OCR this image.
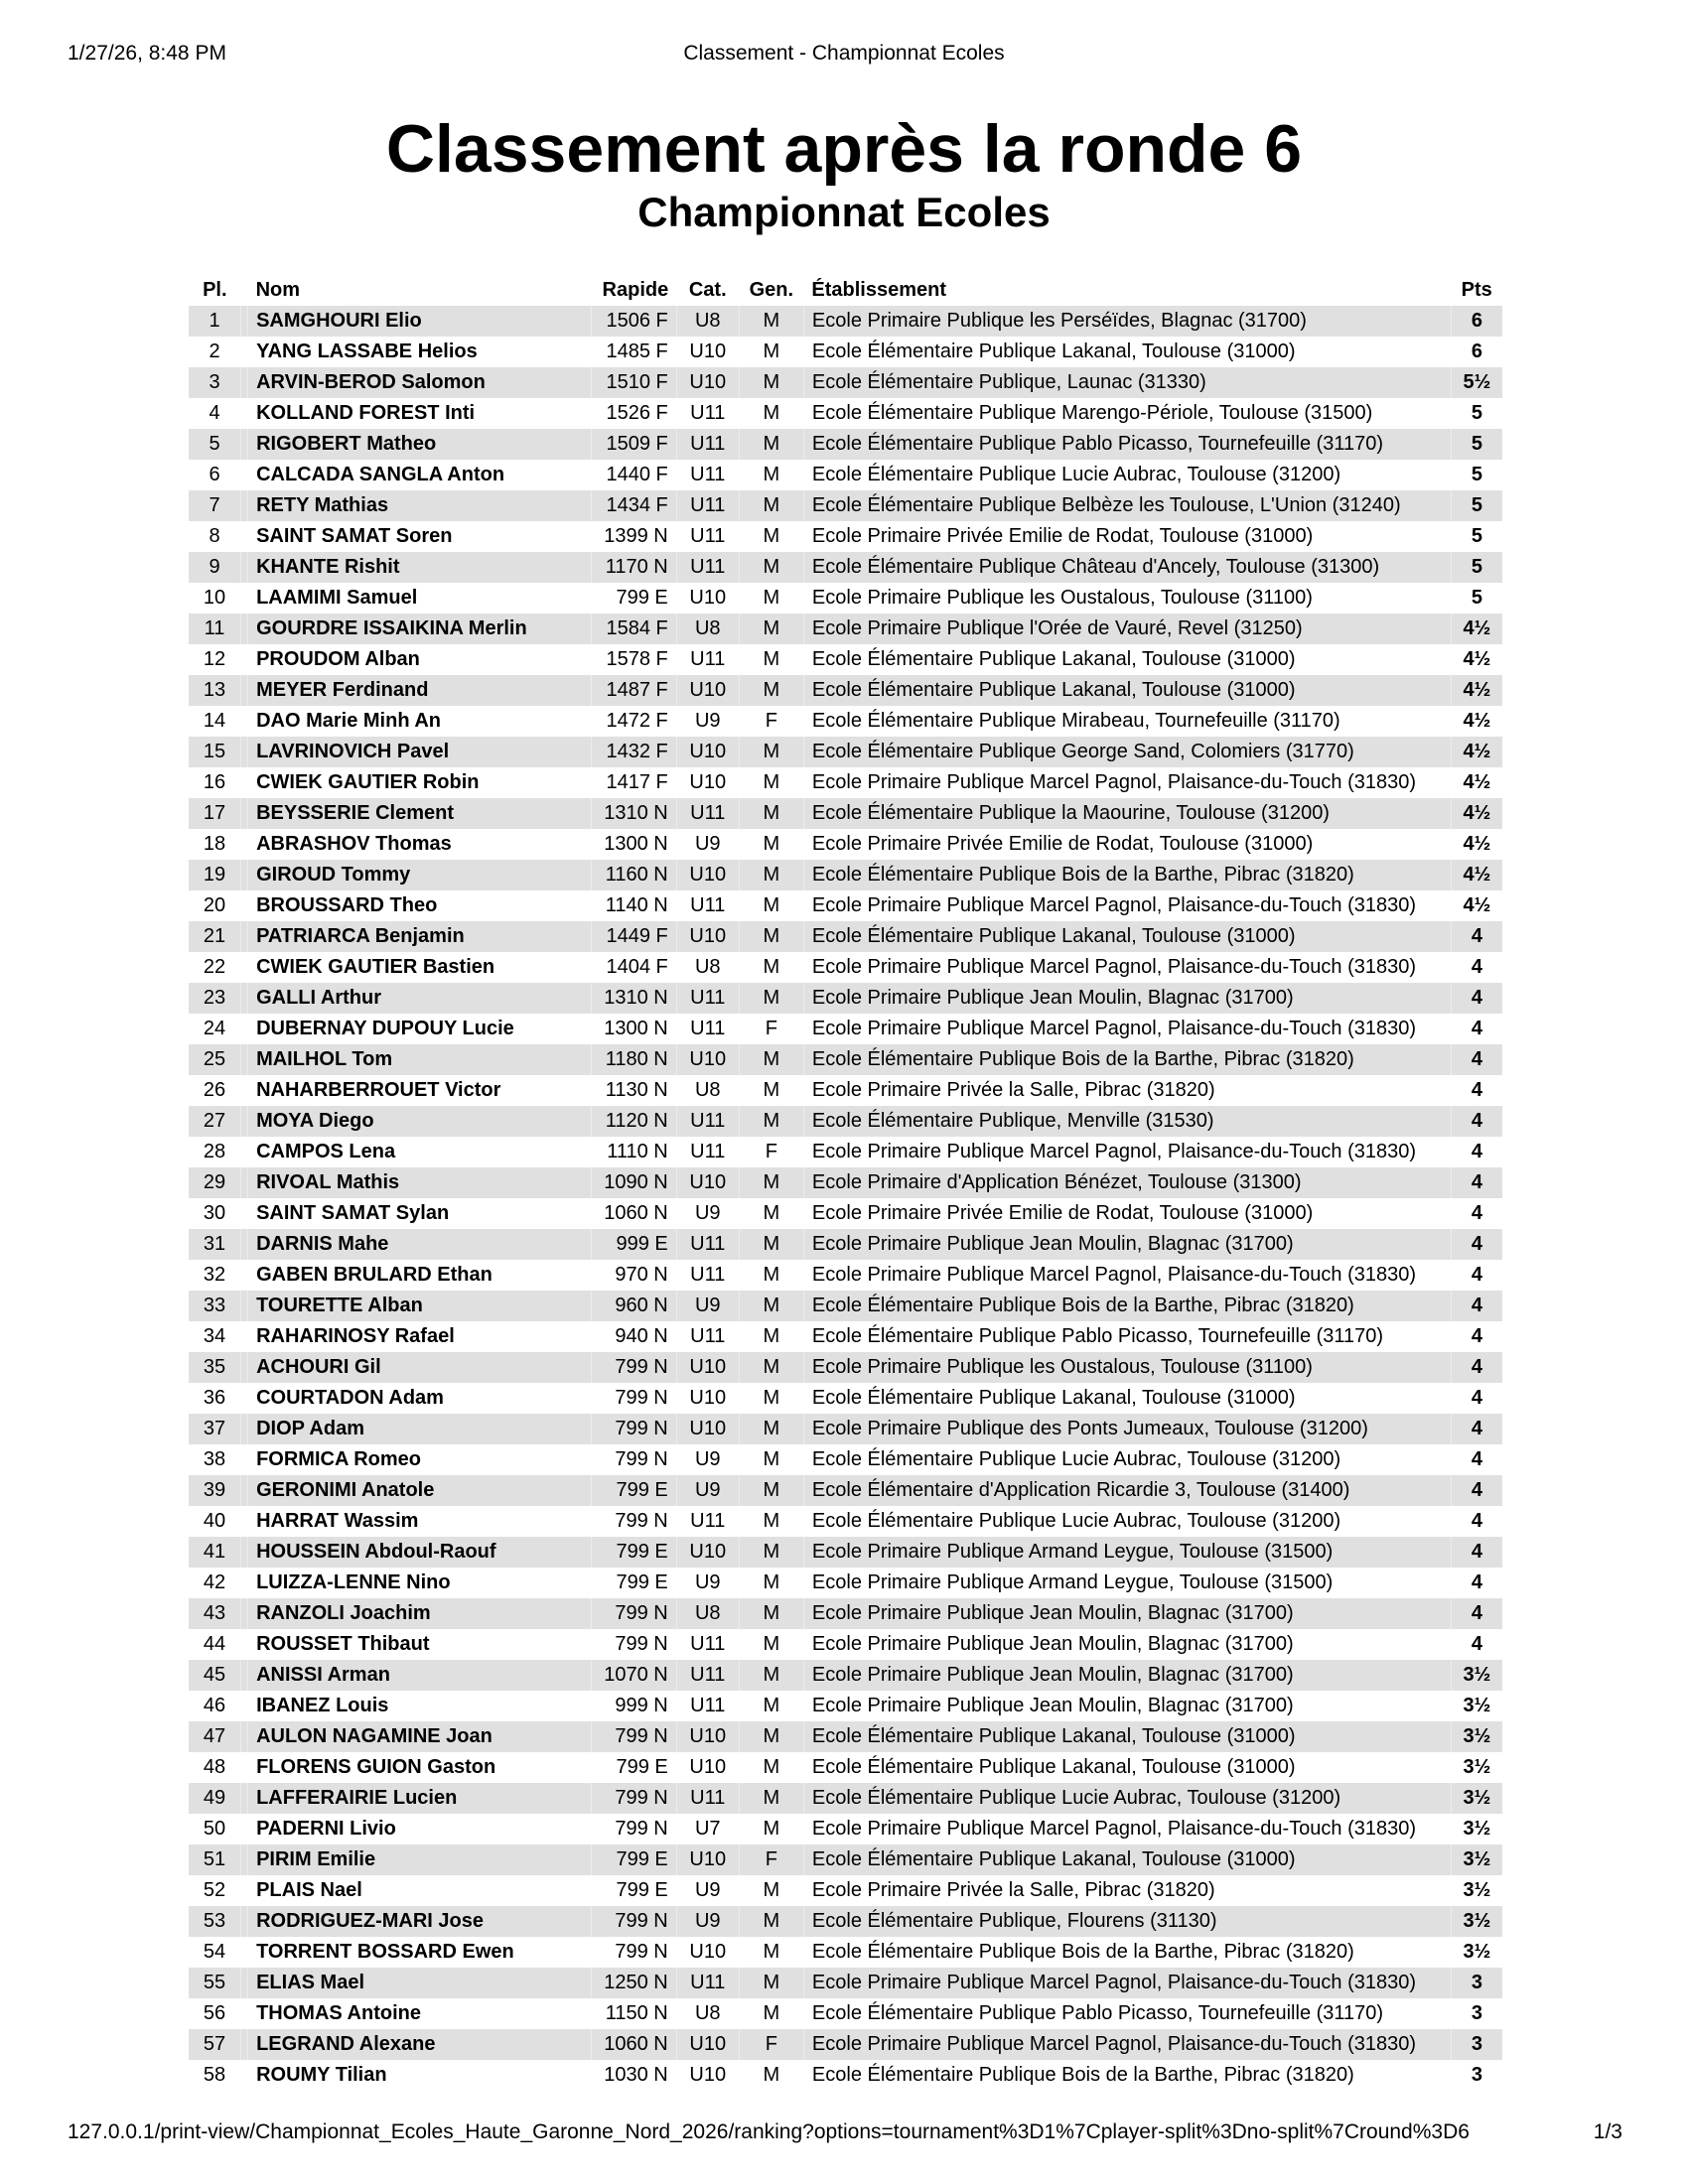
1/27/26, 8:48 PM	Classement - Championnat Ecoles
Classement après la ronde 6
Championnat Ecoles
Pl.		Nom	Rapide	Cat.	Gen.	Établissement	Pts
1		SAMGHOURI Elio	1506 F	U8	M	Ecole Primaire Publique les Perséïdes, Blagnac (31700)	6
2		YANG LASSABE Helios	1485 F	U10	M	Ecole Élémentaire Publique Lakanal, Toulouse (31000)	6
3		ARVIN-BEROD Salomon	1510 F	U10	M	Ecole Élémentaire Publique, Launac (31330)	5½
4		KOLLAND FOREST Inti	1526 F	U11	M	Ecole Élémentaire Publique Marengo-Périole, Toulouse (31500)	5
5		RIGOBERT Matheo	1509 F	U11	M	Ecole Élémentaire Publique Pablo Picasso, Tournefeuille (31170)	5
6		CALCADA SANGLA Anton	1440 F	U11	M	Ecole Élémentaire Publique Lucie Aubrac, Toulouse (31200)	5
7		RETY Mathias	1434 F	U11	M	Ecole Élémentaire Publique Belbèze les Toulouse, L'Union (31240)	5
8		SAINT SAMAT Soren	1399 N	U11	M	Ecole Primaire Privée Emilie de Rodat, Toulouse (31000)	5
9		KHANTE Rishit	1170 N	U11	M	Ecole Élémentaire Publique Château d'Ancely, Toulouse (31300)	5
10		LAAMIMI Samuel	799 E	U10	M	Ecole Primaire Publique les Oustalous, Toulouse (31100)	5
11		GOURDRE ISSAIKINA Merlin	1584 F	U8	M	Ecole Primaire Publique l'Orée de Vauré, Revel (31250)	4½
12		PROUDOM Alban	1578 F	U11	M	Ecole Élémentaire Publique Lakanal, Toulouse (31000)	4½
13		MEYER Ferdinand	1487 F	U10	M	Ecole Élémentaire Publique Lakanal, Toulouse (31000)	4½
14		DAO Marie Minh An	1472 F	U9	F	Ecole Élémentaire Publique Mirabeau, Tournefeuille (31170)	4½
15		LAVRINOVICH Pavel	1432 F	U10	M	Ecole Élémentaire Publique George Sand, Colomiers (31770)	4½
16		CWIEK GAUTIER Robin	1417 F	U10	M	Ecole Primaire Publique Marcel Pagnol, Plaisance-du-Touch (31830)	4½
17		BEYSSERIE Clement	1310 N	U11	M	Ecole Élémentaire Publique la Maourine, Toulouse (31200)	4½
18		ABRASHOV Thomas	1300 N	U9	M	Ecole Primaire Privée Emilie de Rodat, Toulouse (31000)	4½
19		GIROUD Tommy	1160 N	U10	M	Ecole Élémentaire Publique Bois de la Barthe, Pibrac (31820)	4½
20		BROUSSARD Theo	1140 N	U11	M	Ecole Primaire Publique Marcel Pagnol, Plaisance-du-Touch (31830)	4½
21		PATRIARCA Benjamin	1449 F	U10	M	Ecole Élémentaire Publique Lakanal, Toulouse (31000)	4
22		CWIEK GAUTIER Bastien	1404 F	U8	M	Ecole Primaire Publique Marcel Pagnol, Plaisance-du-Touch (31830)	4
23		GALLI Arthur	1310 N	U11	M	Ecole Primaire Publique Jean Moulin, Blagnac (31700)	4
24		DUBERNAY DUPOUY Lucie	1300 N	U11	F	Ecole Primaire Publique Marcel Pagnol, Plaisance-du-Touch (31830)	4
25		MAILHOL Tom	1180 N	U10	M	Ecole Élémentaire Publique Bois de la Barthe, Pibrac (31820)	4
26		NAHARBERROUET Victor	1130 N	U8	M	Ecole Primaire Privée la Salle, Pibrac (31820)	4
27		MOYA Diego	1120 N	U11	M	Ecole Élémentaire Publique, Menville (31530)	4
28		CAMPOS Lena	1110 N	U11	F	Ecole Primaire Publique Marcel Pagnol, Plaisance-du-Touch (31830)	4
29		RIVOAL Mathis	1090 N	U10	M	Ecole Primaire d'Application Bénézet, Toulouse (31300)	4
30		SAINT SAMAT Sylan	1060 N	U9	M	Ecole Primaire Privée Emilie de Rodat, Toulouse (31000)	4
31		DARNIS Mahe	999 E	U11	M	Ecole Primaire Publique Jean Moulin, Blagnac (31700)	4
32		GABEN BRULARD Ethan	970 N	U11	M	Ecole Primaire Publique Marcel Pagnol, Plaisance-du-Touch (31830)	4
33		TOURETTE Alban	960 N	U9	M	Ecole Élémentaire Publique Bois de la Barthe, Pibrac (31820)	4
34		RAHARINOSY Rafael	940 N	U11	M	Ecole Élémentaire Publique Pablo Picasso, Tournefeuille (31170)	4
35		ACHOURI Gil	799 N	U10	M	Ecole Primaire Publique les Oustalous, Toulouse (31100)	4
36		COURTADON Adam	799 N	U10	M	Ecole Élémentaire Publique Lakanal, Toulouse (31000)	4
37		DIOP Adam	799 N	U10	M	Ecole Primaire Publique des Ponts Jumeaux, Toulouse (31200)	4
38		FORMICA Romeo	799 N	U9	M	Ecole Élémentaire Publique Lucie Aubrac, Toulouse (31200)	4
39		GERONIMI Anatole	799 E	U9	M	Ecole Élémentaire d'Application Ricardie 3, Toulouse (31400)	4
40		HARRAT Wassim	799 N	U11	M	Ecole Élémentaire Publique Lucie Aubrac, Toulouse (31200)	4
41		HOUSSEIN Abdoul-Raouf	799 E	U10	M	Ecole Primaire Publique Armand Leygue, Toulouse (31500)	4
42		LUIZZA-LENNE Nino	799 E	U9	M	Ecole Primaire Publique Armand Leygue, Toulouse (31500)	4
43		RANZOLI Joachim	799 N	U8	M	Ecole Primaire Publique Jean Moulin, Blagnac (31700)	4
44		ROUSSET Thibaut	799 N	U11	M	Ecole Primaire Publique Jean Moulin, Blagnac (31700)	4
45		ANISSI Arman	1070 N	U11	M	Ecole Primaire Publique Jean Moulin, Blagnac (31700)	3½
46		IBANEZ Louis	999 N	U11	M	Ecole Primaire Publique Jean Moulin, Blagnac (31700)	3½
47		AULON NAGAMINE Joan	799 N	U10	M	Ecole Élémentaire Publique Lakanal, Toulouse (31000)	3½
48		FLORENS GUION Gaston	799 E	U10	M	Ecole Élémentaire Publique Lakanal, Toulouse (31000)	3½
49		LAFFERAIRIE Lucien	799 N	U11	M	Ecole Élémentaire Publique Lucie Aubrac, Toulouse (31200)	3½
50		PADERNI Livio	799 N	U7	M	Ecole Primaire Publique Marcel Pagnol, Plaisance-du-Touch (31830)	3½
51		PIRIM Emilie	799 E	U10	F	Ecole Élémentaire Publique Lakanal, Toulouse (31000)	3½
52		PLAIS Nael	799 E	U9	M	Ecole Primaire Privée la Salle, Pibrac (31820)	3½
53		RODRIGUEZ-MARI Jose	799 N	U9	M	Ecole Élémentaire Publique, Flourens (31130)	3½
54		TORRENT BOSSARD Ewen	799 N	U10	M	Ecole Élémentaire Publique Bois de la Barthe, Pibrac (31820)	3½
55		ELIAS Mael	1250 N	U11	M	Ecole Primaire Publique Marcel Pagnol, Plaisance-du-Touch (31830)	3
56		THOMAS Antoine	1150 N	U8	M	Ecole Élémentaire Publique Pablo Picasso, Tournefeuille (31170)	3
57		LEGRAND Alexane	1060 N	U10	F	Ecole Primaire Publique Marcel Pagnol, Plaisance-du-Touch (31830)	3
58		ROUMY Tilian	1030 N	U10	M	Ecole Élémentaire Publique Bois de la Barthe, Pibrac (31820)	3
127.0.0.1/print-view/Championnat_Ecoles_Haute_Garonne_Nord_2026/ranking?options=tournament%3D1%7Cplayer-split%3Dno-split%7Cround%3D6	1/3
